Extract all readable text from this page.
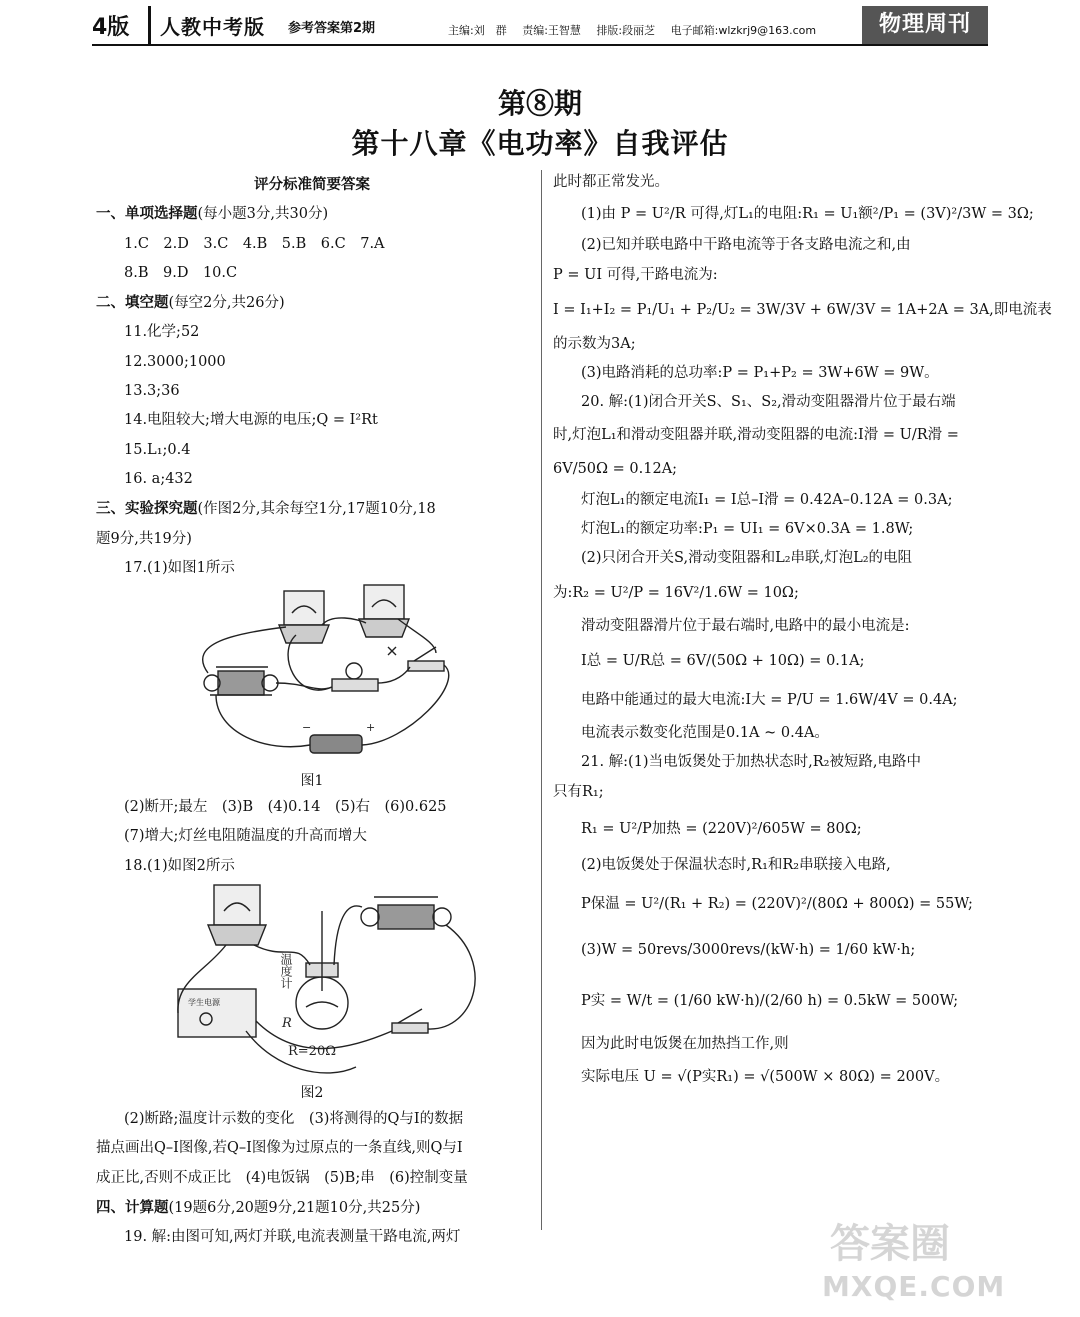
4版 人教中考版 参考答案第2期	主编:刘　群 责编:王智慧 排版:段丽芝 电子邮箱:wlzkrj9@163.com	物理周刊
第⑧期
第十八章《电功率》自我评估
评分标准简要答案
一、单项选择题(每小题3分,共30分)
1.C　2.D　3.C　4.B　5.B　6.C　7.A
8.B　9.D　10.C
二、填空题(每空2分,共26分)
11.化学;52
12.3000;1000
13.3;36
14.电阻较大;增大电源的电压;Q = I²Rt
15.L₁;0.4
16. a;432
三、实验探究题(作图2分,其余每空1分,17题10分,18
题9分,共19分)
17.(1)如图1所示
−	+
图1
(2)断开;最左　(3)B　(4)0.14　(5)右　(6)0.625
(7)增大;灯丝电阻随温度的升高而增大
18.(1)如图2所示
温度计
R
R=20Ω
学生电源
图2
(2)断路;温度计示数的变化　(3)将测得的Q与I的数据
描点画出Q–I图像,若Q–I图像为过原点的一条直线,则Q与I
成正比,否则不成正比　(4)电饭锅　(5)B;串　(6)控制变量
四、计算题(19题6分,20题9分,21题10分,共25分)
19. 解:由图可知,两灯并联,电流表测量干路电流,两灯
此时都正常发光。
(1)由 P = U²/R 可得,灯L₁的电阻:R₁ = U₁额²/P₁ = (3V)²/3W = 3Ω;
(2)已知并联电路中干路电流等于各支路电流之和,由
P = UI 可得,干路电流为:
I = I₁+I₂ = P₁/U₁ + P₂/U₂ = 3W/3V + 6W/3V = 1A+2A = 3A,即电流表
的示数为3A;
(3)电路消耗的总功率:P = P₁+P₂ = 3W+6W = 9W。
20. 解:(1)闭合开关S、S₁、S₂,滑动变阻器滑片位于最右端
时,灯泡L₁和滑动变阻器并联,滑动变阻器的电流:I滑 = U/R滑 =
6V/50Ω = 0.12A;
灯泡L₁的额定电流I₁ = I总–I滑 = 0.42A–0.12A = 0.3A;
灯泡L₁的额定功率:P₁ = UI₁ = 6V×0.3A = 1.8W;
(2)只闭合开关S,滑动变阻器和L₂串联,灯泡L₂的电阻
为:R₂ = U²/P = 16V²/1.6W = 10Ω;
滑动变阻器滑片位于最右端时,电路中的最小电流是:
I总 = U/R总 = 6V/(50Ω + 10Ω) = 0.1A;
电路中能通过的最大电流:I大 = P/U = 1.6W/4V = 0.4A;
电流表示数变化范围是0.1A ~ 0.4A。
21. 解:(1)当电饭煲处于加热状态时,R₂被短路,电路中
只有R₁;
R₁ = U²/P加热 = (220V)²/605W = 80Ω;
(2)电饭煲处于保温状态时,R₁和R₂串联接入电路,
P保温 = U²/(R₁ + R₂) = (220V)²/(80Ω + 800Ω) = 55W;
(3)W = 50revs/3000revs/(kW·h) = 1/60 kW·h;
P实 = W/t = (1/60 kW·h)/(2/60 h) = 0.5kW = 500W;
因为此时电饭煲在加热挡工作,则
实际电压 U = √(P实R₁) = √(500W × 80Ω) = 200V。
答案圈
MXQE.COM
